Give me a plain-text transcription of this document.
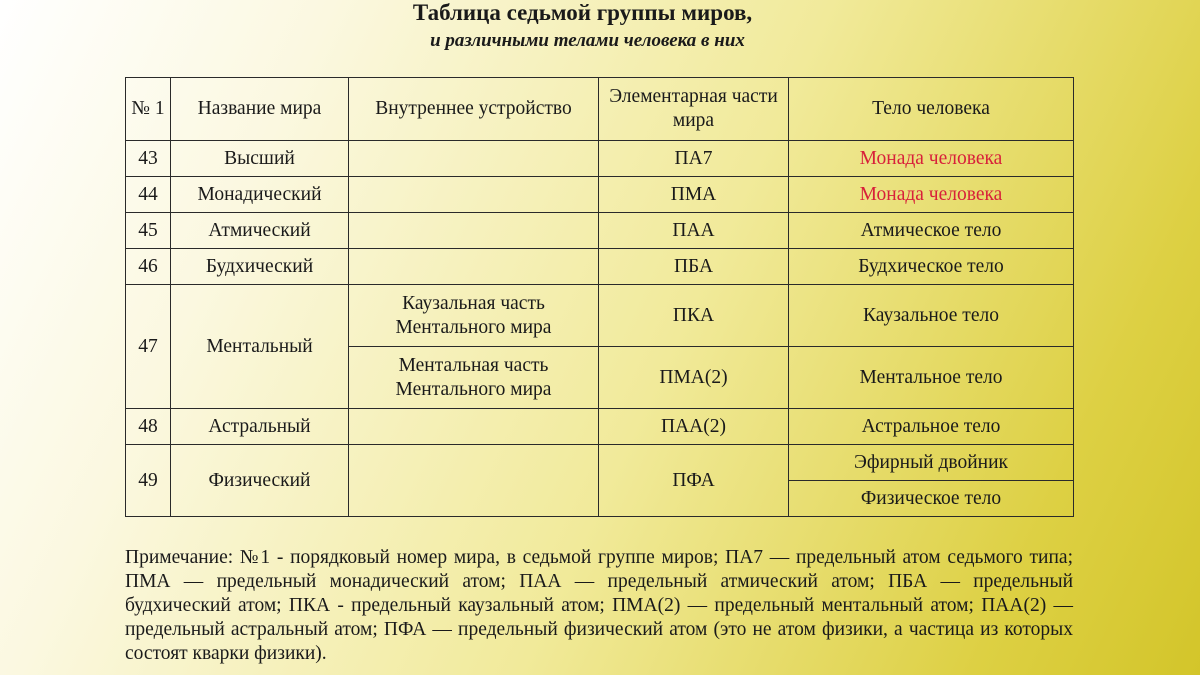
Таблица седьмой группы миров,
и различными телами человека в них
№ 1	Название мира	Внутреннее устройство	Элементарная части мира	Тело человека
43	Высший		ПА7	Монада человека
44	Монадический		ПМА	Монада человека
45	Атмический		ПАА	Атмическое тело
46	Будхический		ПБА	Будхическое тело
47	Ментальный	Каузальная часть Ментального мира	ПКА	Каузальное тело
		Ментальная часть Ментального мира	ПМА(2)	Ментальное тело
48	Астральный		ПАА(2)	Астральное тело
49	Физический		ПФА	Эфирный двойник
				Физическое тело
Примечание: №1 - порядковый номер мира, в седьмой группе миров; ПА7 — предельный атом седьмого типа; ПМА — предельный монадический атом; ПАА — предельный атмический атом; ПБА — предельный будхический атом; ПКА - предельный каузальный атом; ПМА(2) — предельный ментальный атом; ПАА(2) — предельный астральный атом; ПФА — предельный физический атом (это не атом физики, а частица из которых состоят кварки физики).
